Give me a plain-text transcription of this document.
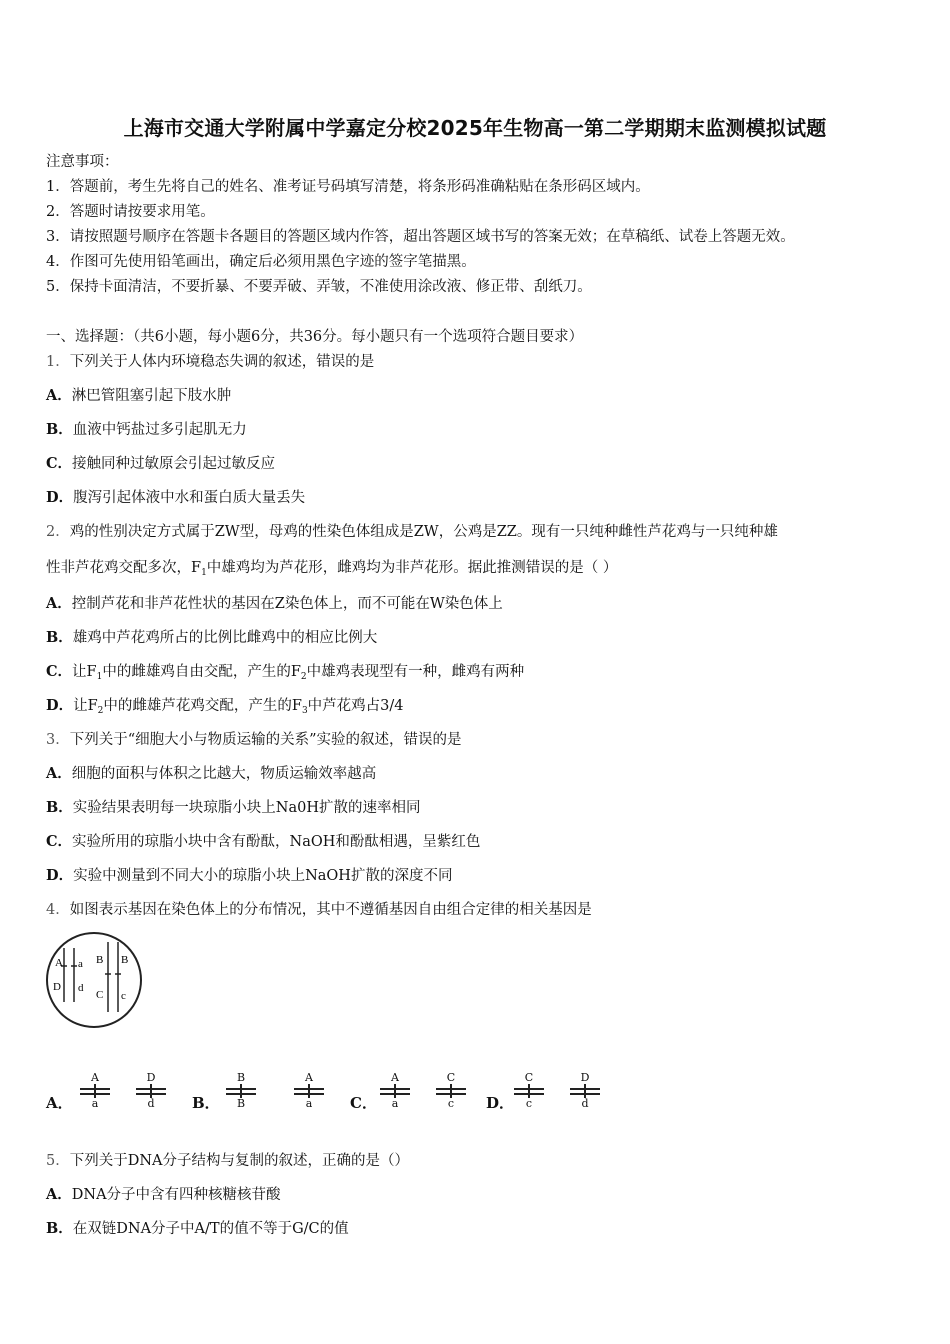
上海市交通大学附属中学嘉定分校2025年生物高一第二学期期末监测模拟试题
注意事项：
1．答题前，考生先将自己的姓名、准考证号码填写清楚，将条形码准确粘贴在条形码区域内。
2．答题时请按要求用笔。
3．请按照题号顺序在答题卡各题目的答题区域内作答，超出答题区域书写的答案无效；在草稿纸、试卷上答题无效。
4．作图可先使用铅笔画出，确定后必须用黑色字迹的签字笔描黑。
5．保持卡面清洁，不要折暴、不要弄破、弄皱，不准使用涂改液、修正带、刮纸刀。
一、选择题：（共6小题，每小题6分，共36分。每小题只有一个选项符合题目要求）
1．下列关于人体内环境稳态失调的叙述，错误的是
A．淋巴管阻塞引起下肢水肿
B．血液中钙盐过多引起肌无力
C．接触同种过敏原会引起过敏反应
D．腹泻引起体液中水和蛋白质大量丢失
2．鸡的性别决定方式属于ZW型，母鸡的性染色体组成是ZW，公鸡是ZZ。现有一只纯种雌性芦花鸡与一只纯种雄
性非芦花鸡交配多次，$F_1$中雄鸡均为芦花形，雌鸡均为非芦花形。据此推测错误的是（ ）
A．控制芦花和非芦花性状的基因在Z染色体上，而不可能在W染色体上
B．雄鸡中芦花鸡所占的比例比雌鸡中的相应比例大
C．让$F_1$中的雌雄鸡自由交配，产生的$F_2$中雄鸡表现型有一种，雌鸡有两种
D．让$F_2$中的雌雄芦花鸡交配，产生的$F_3$中芦花鸡占3/4
3．下列关于“细胞大小与物质运输的关系”实验的叙述，错误的是
A．细胞的面积与体积之比越大，物质运输效率越高
B．实验结果表明每一块琼脂小块上Na0H扩散的速率相同
C．实验所用的琼脂小块中含有酚酞，NaOH和酚酞相遇，呈紫红色
D．实验中测量到不同大小的琼脂小块上NaOH扩散的深度不同
4．如图表示基因在染色体上的分布情况，其中不遵循基因自由组合定律的相关基因是
A a B B
D d
C c
A．
A
a
D
d	B．
B
B
A
a	C．
A
a
C
c	D．
C
c
D
d
5．下列关于DNA分子结构与复制的叙述，正确的是（）
A．DNA分子中含有四种核糖核苷酸
B．在双链DNA分子中A/T的值不等于G/C的值
